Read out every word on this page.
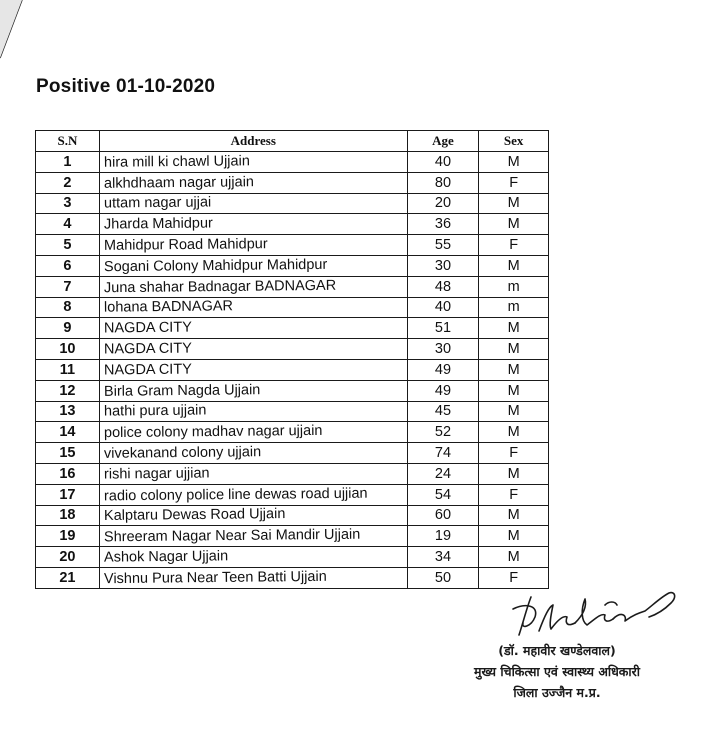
Positive 01-10-2020
S.N	Address	Age	Sex
1	hira mill ki chawl Ujjain	40	M
2	alkhdhaam nagar ujjain	80	F
3	uttam nagar ujjai	20	M
4	Jharda Mahidpur	36	M
5	Mahidpur Road Mahidpur	55	F
6	Sogani Colony Mahidpur Mahidpur	30	M
7	Juna shahar Badnagar BADNAGAR	48	m
8	lohana BADNAGAR	40	m
9	NAGDA CITY	51	M
10	NAGDA CITY	30	M
11	NAGDA CITY	49	M
12	Birla Gram Nagda Ujjain	49	M
13	hathi pura ujjain	45	M
14	police colony madhav nagar ujjain	52	M
15	vivekanand colony ujjain	74	F
16	rishi nagar ujjian	24	M
17	radio colony police line dewas road ujjian	54	F
18	Kalptaru Dewas Road Ujjain	60	M
19	Shreeram Nagar Near Sai Mandir Ujjain	19	M
20	Ashok Nagar Ujjain	34	M
21	Vishnu Pura Near Teen Batti Ujjain	50	F
(डॉ. महावीर खण्डेलवाल)
मुख्य चिकित्सा एवं स्वास्थ्य अधिकारी
जिला उज्जैन म.प्र.
